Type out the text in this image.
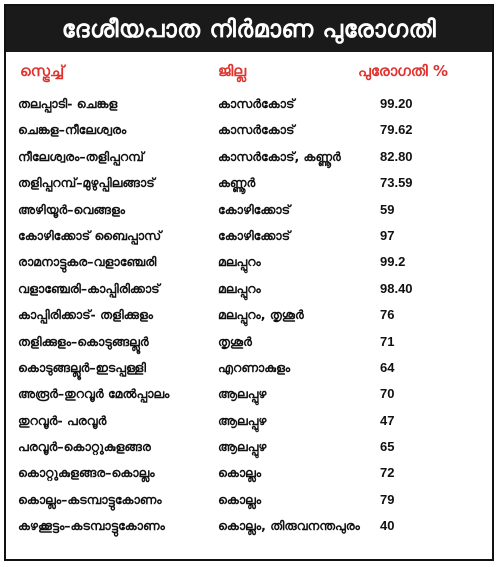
ദേശീയപാത നിർമാണ പുരോഗതി
സ്ട്രെച്ച്	ജില്ല	പുരോഗതി %
തലപ്പാടി- ചെങ്കള	കാസർകോട്	99.20
ചെങ്കള–നീലേശ്വരം	കാസർകോട്	79.62
നീലേശ്വരം–തളിപ്പറമ്പ്	കാസർകോട്, കണ്ണൂർ	82.80
തളിപ്പറമ്പ്–മുഴുപ്പിലങ്ങാട്	കണ്ണൂർ	73.59
അഴിയൂർ–വെങ്ങളം	കോഴിക്കോട്	59
കോഴിക്കോട് ബൈപ്പാസ്	കോഴിക്കോട്	97
രാമനാട്ടുകര–വളാഞ്ചേരി	മലപ്പുറം	99.2
വളാഞ്ചേരി–കാപ്പിരിക്കാട്	മലപ്പുറം	98.40
കാപ്പിരിക്കാട്- തളിക്കുളം	മലപ്പുറം, തൃശൂർ	76
തളിക്കുളം–കൊടുങ്ങല്ലൂർ	തൃശൂർ	71
കൊടുങ്ങല്ലൂർ–ഇടപ്പള്ളി	എറണാകുളം	64
അരൂർ–തുറവൂർ മേൽപ്പാലം	ആലപ്പുഴ	70
തുറവൂർ- പരവൂർ	ആലപ്പുഴ	47
പരവൂർ–കൊറ്റുകുളങ്ങര	ആലപ്പുഴ	65
കൊറ്റുകുളങ്ങര–കൊല്ലം	കൊല്ലം	72
കൊല്ലം–കടമ്പാട്ടുകോണം	കൊല്ലം	79
കഴക്കൂട്ടം–കടമ്പാട്ടുകോണം	കൊല്ലം, തിരുവനന്തപുരം 40
